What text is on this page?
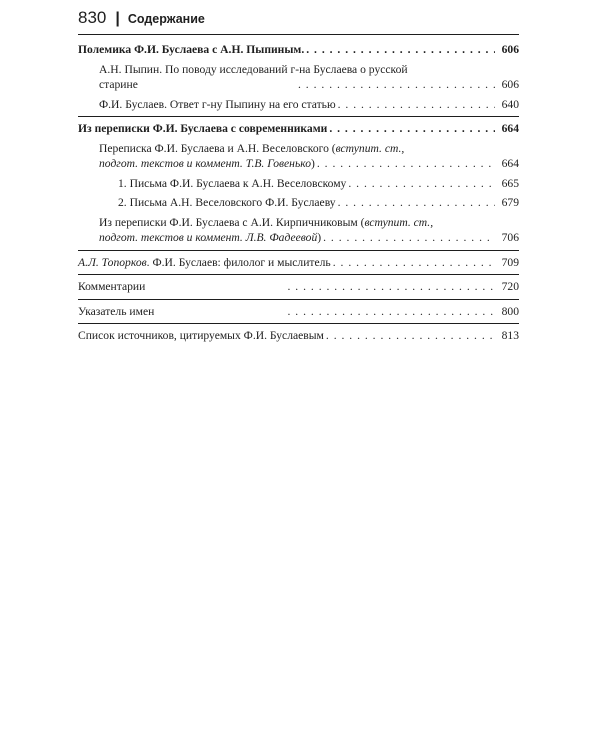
830 | Содержание
Полемика Ф.И. Буслаева с А.Н. Пыпиным. . . .	606
А.Н. Пыпин. По поводу исследований г-на Буслаева о русской
старине . . .	606
Ф.И. Буслаев. Ответ г-ну Пыпину на его статью . . .	640
Из переписки Ф.И. Буслаева с современниками . . .	664
Переписка Ф.И. Буслаева и А.Н. Веселовского (вступит. ст.,
подгот. текстов и коммент. Т.В. Говенько ) . . .	664
1. Письма Ф.И. Буслаева к А.Н. Веселовскому . . .	665
2. Письма А.Н. Веселовского Ф.И. Буслаеву . . .	679
Из переписки Ф.И. Буслаева с А.И. Кирпичниковым (вступит. ст.,
подгот. текстов и коммент. Л.В. Фадеевой ) . . .	706
А.Л. Топорков . Ф.И. Буслаев: филолог и мыслитель . . .	709
Комментарии . . .	720
Указатель имен . . .	800
Список источников, цитируемых Ф.И. Буслаевым . . .	813
